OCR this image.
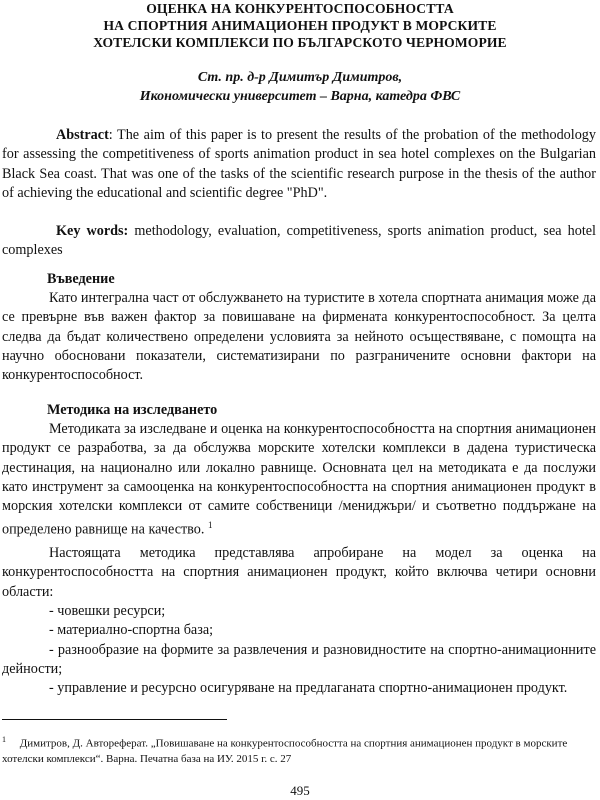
ОЦЕНКА НА КОНКУРЕНТОСПОСОБНОСТТА
НА СПОРТНИЯ АНИМАЦИОНЕН ПРОДУКТ В МОРСКИТЕ
ХОТЕЛСКИ КОМПЛЕКСИ ПО БЪЛГАРСКОТО ЧЕРНОМОРИЕ
Ст. пр. д-р Димитър Димитров,
Икономически университет – Варна, катедра ФВС
Abstract: The aim of this paper is to present the results of the probation of the methodology for assessing the competitiveness of sports animation product in sea hotel complexes on the Bulgarian Black Sea coast. That was one of the tasks of the scientific research purpose in the thesis of the author of achieving the educational and scientific degree "PhD".
Key words: methodology, evaluation, competitiveness, sports animation product, sea hotel complexes
Въведение
Като интегрална част от обслужването на туристите в хотела спортната анимация може да се превърне във важен фактор за повишаване на фирмената конкурентоспособност. За целта следва да бъдат количествено определени условията за нейното осъществяване, с помощта на научно обосновани показатели, систематизирани по разграничените основни фактори на конкурентоспособност.
Методика на изследването
Методиката за изследване и оценка на конкурентоспособността на спортния анимационен продукт се разработва, за да обслужва морските хотелски комплекси в дадена туристическа дестинация, на национално или локално равнище. Основната цел на методиката е да послужи като инструмент за самооценка на конкурентоспособността на спортния анимационен продукт в морския хотелски комплекси от самите собственици /мениджъри/ и съответно поддържане на определено равнище на качество. $^1$
Настоящата методика представлява апробиране на модел за оценка на конкурентоспособността на спортния анимационен продукт, който включва четири основни области:
- човешки ресурси;
- материално-спортна база;
- разнообразие на формите за развлечения и разновидностите на спортно-анимационните дейности;
- управление и ресурсно осигуряване на предлаганата спортно-анимационен продукт.
$^1$ Димитров, Д. Автореферат. „Повишаване на конкурентоспособността на спортния анимационен продукт в морските хотелски комплекси“. Варна. Печатна база на ИУ. 2015 г. с. 27
495
